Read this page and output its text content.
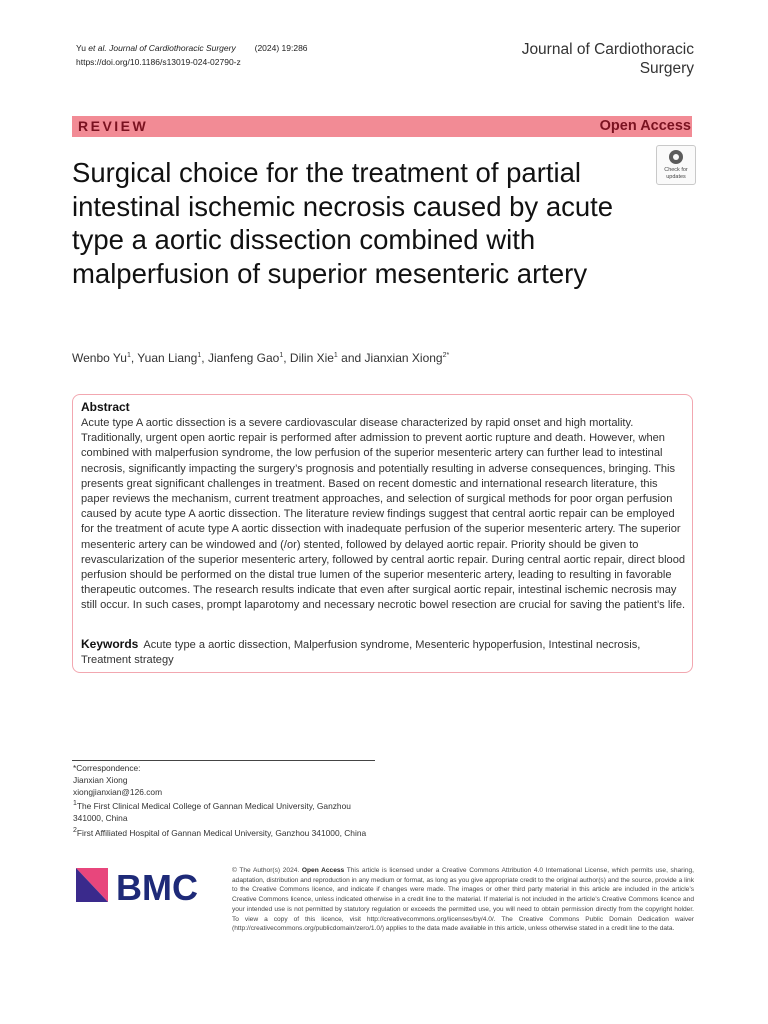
Yu et al. Journal of Cardiothoracic Surgery (2024) 19:286
https://doi.org/10.1186/s13019-024-02790-z
Journal of Cardiothoracic
Surgery
REVIEW	Open Access
Check for
updates
Surgical choice for the treatment of partial intestinal ischemic necrosis caused by acute type a aortic dissection combined with malperfusion of superior mesenteric artery
Wenbo Yu$^1$, Yuan Liang$^1$, Jianfeng Gao$^1$, Dilin Xie$^1$ and Jianxian Xiong$^{2*}$
Abstract
Acute type A aortic dissection is a severe cardiovascular disease characterized by rapid onset and high mortality. Traditionally, urgent open aortic repair is performed after admission to prevent aortic rupture and death. However, when combined with malperfusion syndrome, the low perfusion of the superior mesenteric artery can further lead to intestinal necrosis, significantly impacting the surgery’s prognosis and potentially resulting in adverse consequences, bringing. This presents great significant challenges in treatment. Based on recent domestic and international research literature, this paper reviews the mechanism, current treatment approaches, and selection of surgical methods for poor organ perfusion caused by acute type A aortic dissection. The literature review findings suggest that central aortic repair can be employed for the treatment of acute type A aortic dissection with inadequate perfusion of the superior mesenteric artery. The superior mesenteric artery can be windowed and (/or) stented, followed by delayed aortic repair. Priority should be given to revascularization of the superior mesenteric artery, followed by central aortic repair. During central aortic repair, direct blood perfusion should be performed on the distal true lumen of the superior mesenteric artery, leading to resulting in favorable therapeutic outcomes. The research results indicate that even after surgical aortic repair, intestinal ischemic necrosis may still occur. In such cases, prompt laparotomy and necessary necrotic bowel resection are crucial for saving the patient’s life.
Keywords Acute type a aortic dissection, Malperfusion syndrome, Mesenteric hypoperfusion, Intestinal necrosis, Treatment strategy
*Correspondence:
Jianxian Xiong
xiongjianxian@126.com
$^1$The First Clinical Medical College of Gannan Medical University, Ganzhou 341000, China
$^2$First Affiliated Hospital of Gannan Medical University, Ganzhou 341000, China
BMC	© The Author(s) 2024. Open Access This article is licensed under a Creative Commons Attribution 4.0 International License, which permits use, sharing, adaptation, distribution and reproduction in any medium or format, as long as you give appropriate credit to the original author(s) and the source, provide a link to the Creative Commons licence, and indicate if changes were made. The images or other third party material in this article are included in the article’s Creative Commons licence, unless indicated otherwise in a credit line to the material. If material is not included in the article’s Creative Commons licence and your intended use is not permitted by statutory regulation or exceeds the permitted use, you will need to obtain permission directly from the copyright holder. To view a copy of this licence, visit http://creativecommons.org/licenses/by/4.0/. The Creative Commons Public Domain Dedication waiver (http://creativecommons.org/publicdomain/zero/1.0/) applies to the data made available in this article, unless otherwise stated in a credit line to the data.
